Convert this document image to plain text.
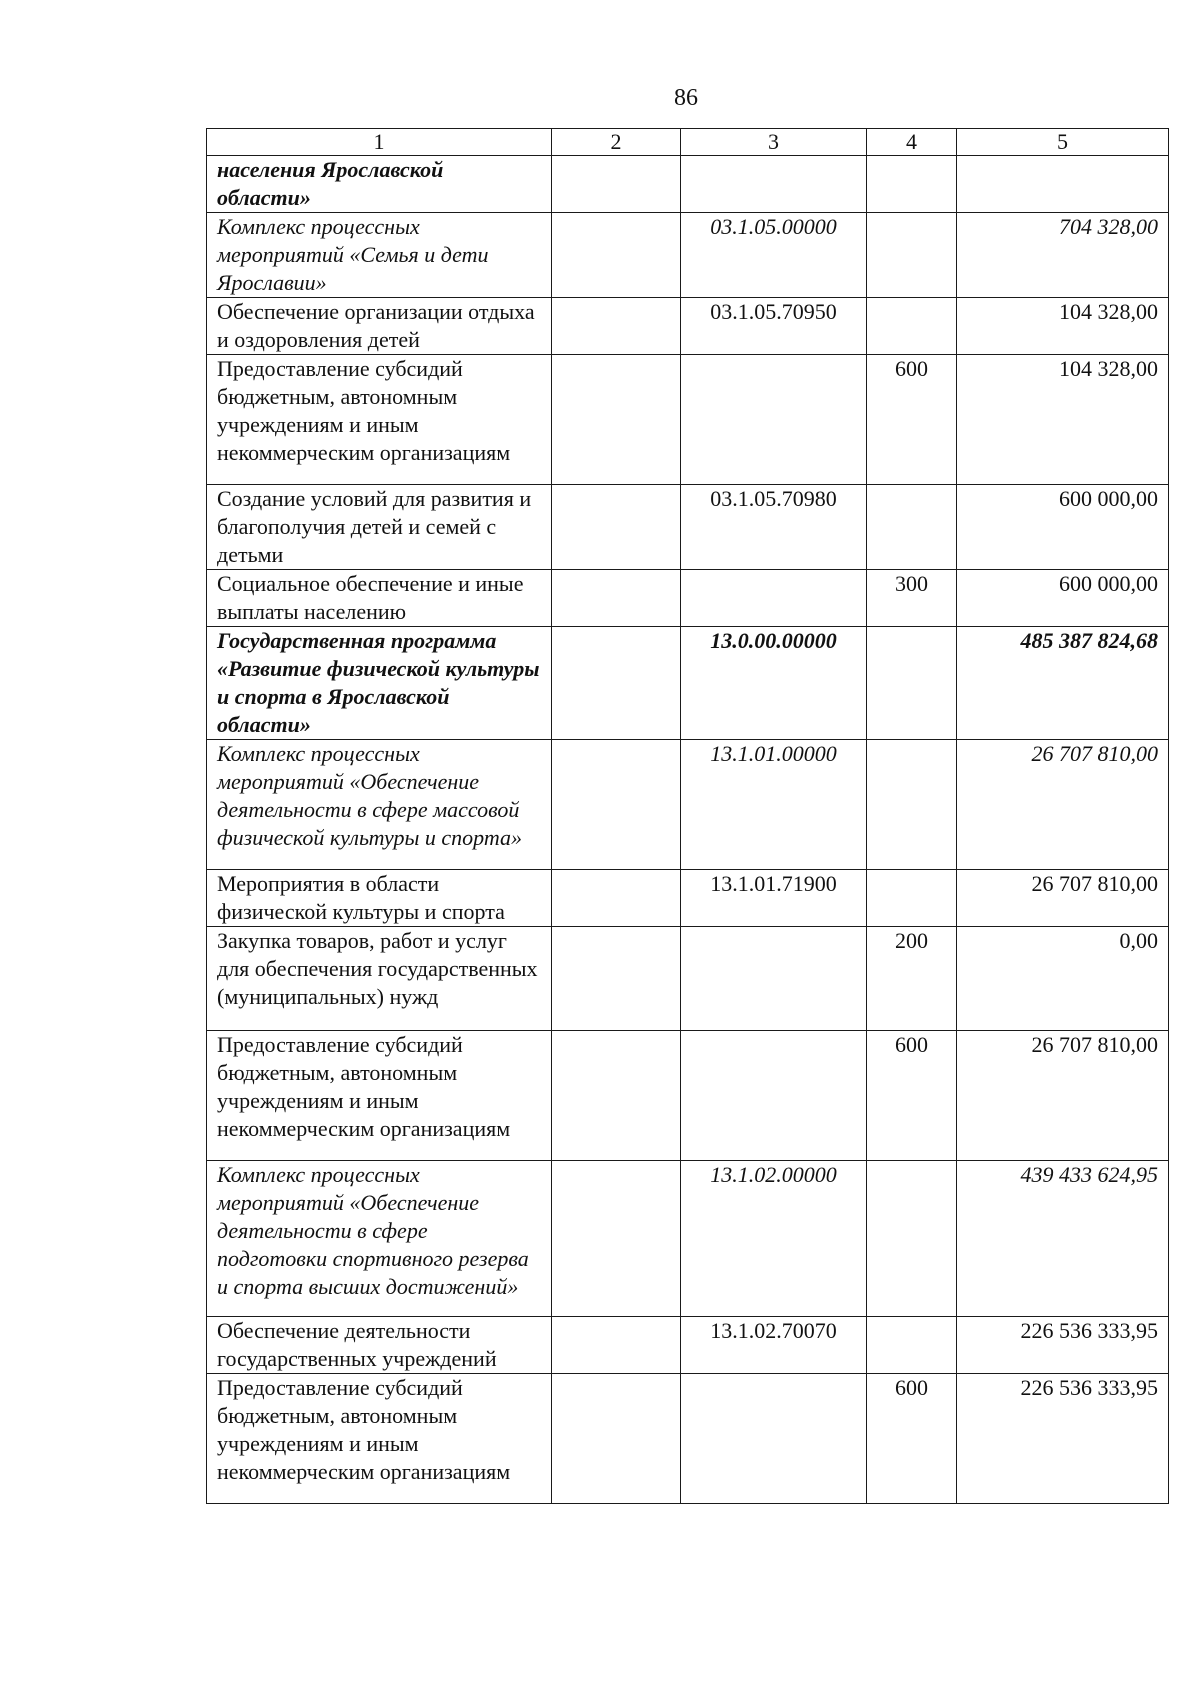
86
1	2	3	4	5
населения Ярославской области»				
Комплекс процессных мероприятий «Семья и дети Ярославии»		03.1.05.00000		704 328,00
Обеспечение организации отдыха и оздоровления детей		03.1.05.70950		104 328,00
Предоставление субсидий бюджетным, автономным учреждениям и иным некоммерческим организациям			600	104 328,00
Создание условий для развития и благополучия детей и семей с детьми		03.1.05.70980		600 000,00
Социальное обеспечение и иные выплаты населению			300	600 000,00
Государственная программа «Развитие физической культуры и спорта в Ярославской области»		13.0.00.00000		485 387 824,68
Комплекс процессных мероприятий «Обеспечение деятельности в сфере массовой физической культуры и спорта»		13.1.01.00000		26 707 810,00
Мероприятия в области физической культуры и спорта		13.1.01.71900		26 707 810,00
Закупка товаров, работ и услуг для обеспечения государственных (муниципальных) нужд			200	0,00
Предоставление субсидий бюджетным, автономным учреждениям и иным некоммерческим организациям			600	26 707 810,00
Комплекс процессных мероприятий «Обеспечение деятельности в сфере подготовки спортивного резерва и спорта высших достижений»		13.1.02.00000		439 433 624,95
Обеспечение деятельности государственных учреждений		13.1.02.70070		226 536 333,95
Предоставление субсидий бюджетным, автономным учреждениям и иным некоммерческим организациям			600	226 536 333,95
